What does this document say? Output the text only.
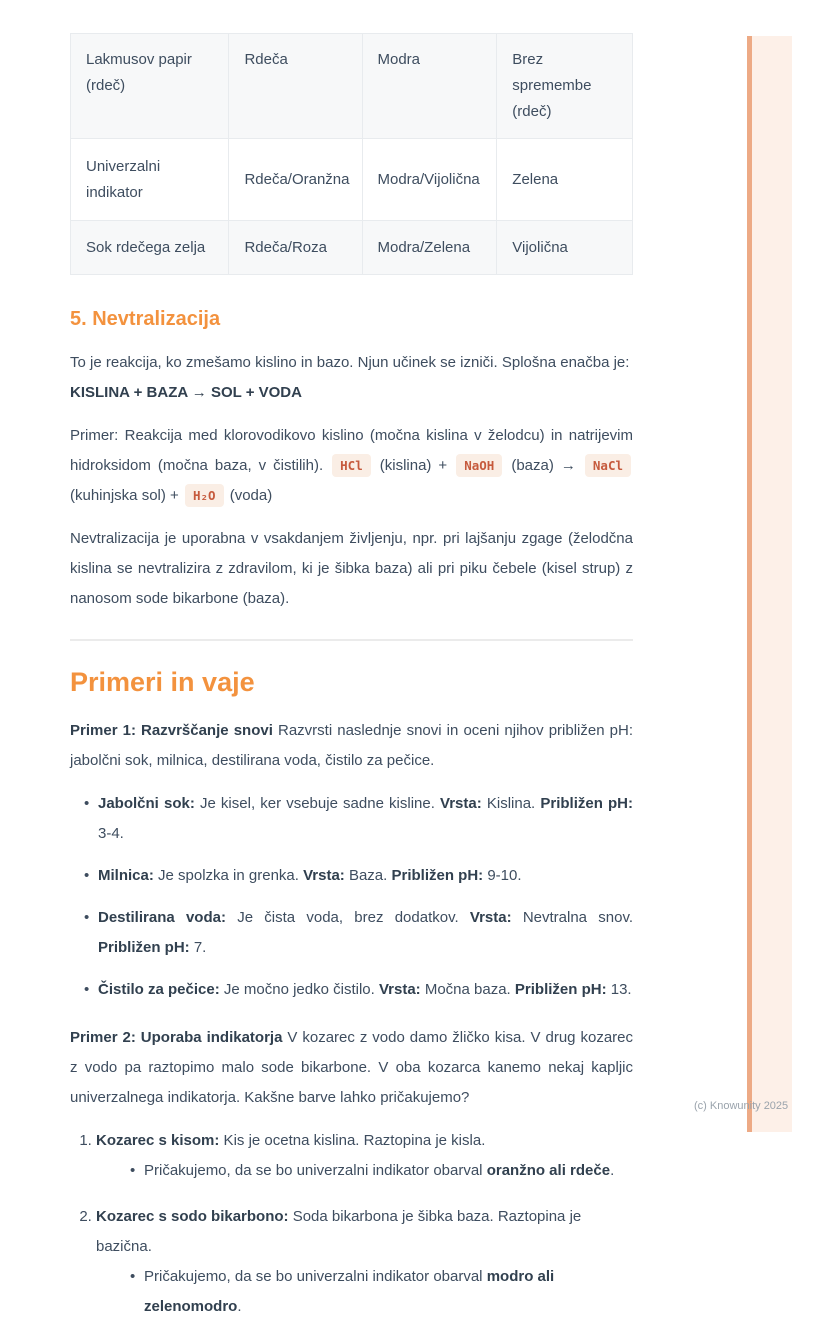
(c) Knowunity 2025
Lakmusov papir (rdeč)	Rdeča	Modra	Brez spremembe (rdeč)
Univerzalni indikator	Rdeča/Oranžna	Modra/Vijolična	Zelena
Sok rdečega zelja	Rdeča/Roza	Modra/Zelena	Vijolična
5. Nevtralizacija

To je reakcija, ko zmešamo kislino in bazo. Njun učinek se izniči. Splošna enačba je:
KISLINA + BAZA → SOL + VODA

Primer: Reakcija med klorovodikovo kislino (močna kislina v želodcu) in natrijevim hidroksidom (močna baza, v čistilih). HCl (kislina) + NaOH (baza) → NaCl (kuhinjska sol) + H₂O (voda)

Nevtralizacija je uporabna v vsakdanjem življenju, npr. pri lajšanju zgage (želodčna kislina se nevtralizira z zdravilom, ki je šibka baza) ali pri piku čebele (kisel strup) z nanosom sode bikarbone (baza).

Primeri in vaje

Primer 1: Razvrščanje snovi Razvrsti naslednje snovi in oceni njihov približen pH: jabolčni sok, milnica, destilirana voda, čistilo za pečice.

• Jabolčni sok: Je kisel, ker vsebuje sadne kisline. Vrsta: Kislina. Približen pH: 3-4.
• Milnica: Je spolzka in grenka. Vrsta: Baza. Približen pH: 9-10.
• Destilirana voda: Je čista voda, brez dodatkov. Vrsta: Nevtralna snov. Približen pH: 7.
• Čistilo za pečice: Je močno jedko čistilo. Vrsta: Močna baza. Približen pH: 13.

Primer 2: Uporaba indikatorja V kozarec z vodo damo žličko kisa. V drug kozarec z vodo pa raztopimo malo sode bikarbone. V oba kozarca kanemo nekaj kapljic univerzalnega indikatorja. Kakšne barve lahko pričakujemo?

1. Kozarec s kisom: Kis je ocetna kislina. Raztopina je kisla.
• Pričakujemo, da se bo univerzalni indikator obarval oranžno ali rdeče.
2. Kozarec s sodo bikarbono: Soda bikarbona je šibka baza. Raztopina je bazična.
• Pričakujemo, da se bo univerzalni indikator obarval modro ali zelenomodro.
